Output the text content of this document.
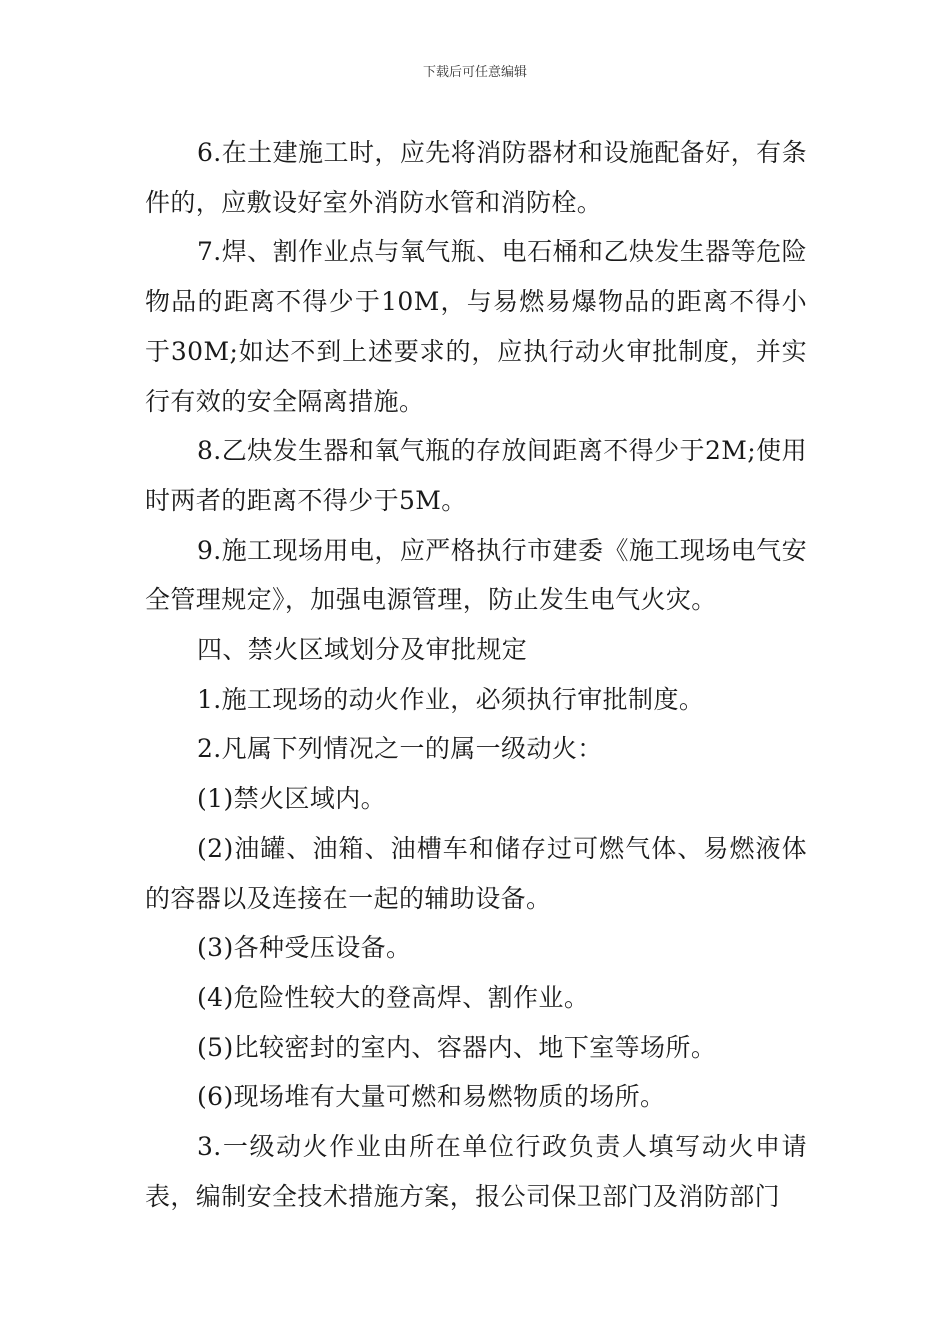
下载后可任意编辑

6.在土建施工时，应先将消防器材和设施配备好，有条件的，应敷设好室外消防水管和消防栓。

7.焊、割作业点与氧气瓶、电石桶和乙炔发生器等危险物品的距离不得少于10M，与易燃易爆物品的距离不得小于30M;如达不到上述要求的，应执行动火审批制度，并实行有效的安全隔离措施。

8.乙炔发生器和氧气瓶的存放间距离不得少于2M;使用时两者的距离不得少于5M。

9.施工现场用电，应严格执行市建委《施工现场电气安全管理规定》，加强电源管理，防止发生电气火灾。

四、禁火区域划分及审批规定

1.施工现场的动火作业，必须执行审批制度。

2.凡属下列情况之一的属一级动火：

(1)禁火区域内。

(2)油罐、油箱、油槽车和储存过可燃气体、易燃液体的容器以及连接在一起的辅助设备。

(3)各种受压设备。

(4)危险性较大的登高焊、割作业。

(5)比较密封的室内、容器内、地下室等场所。

(6)现场堆有大量可燃和易燃物质的场所。

3.一级动火作业由所在单位行政负责人填写动火申请表，编制安全技术措施方案，报公司保卫部门及消防部门
